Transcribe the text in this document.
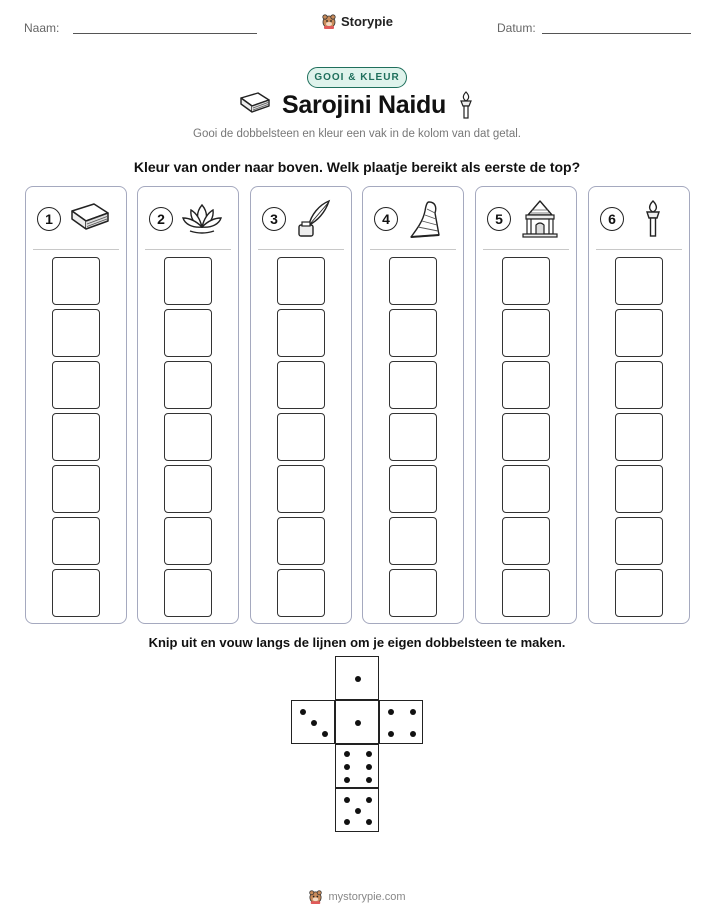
Naam:	Storypie	Datum:
GOOI & KLEUR
Sarojini Naidu
Gooi de dobbelsteen en kleur een vak in de kolom van dat getal.
Kleur van onder naar boven. Welk plaatje bereikt als eerste de top?
1	2	3	4	5	6
Knip uit en vouw langs de lijnen om je eigen dobbelsteen te maken.
mystorypie.com
